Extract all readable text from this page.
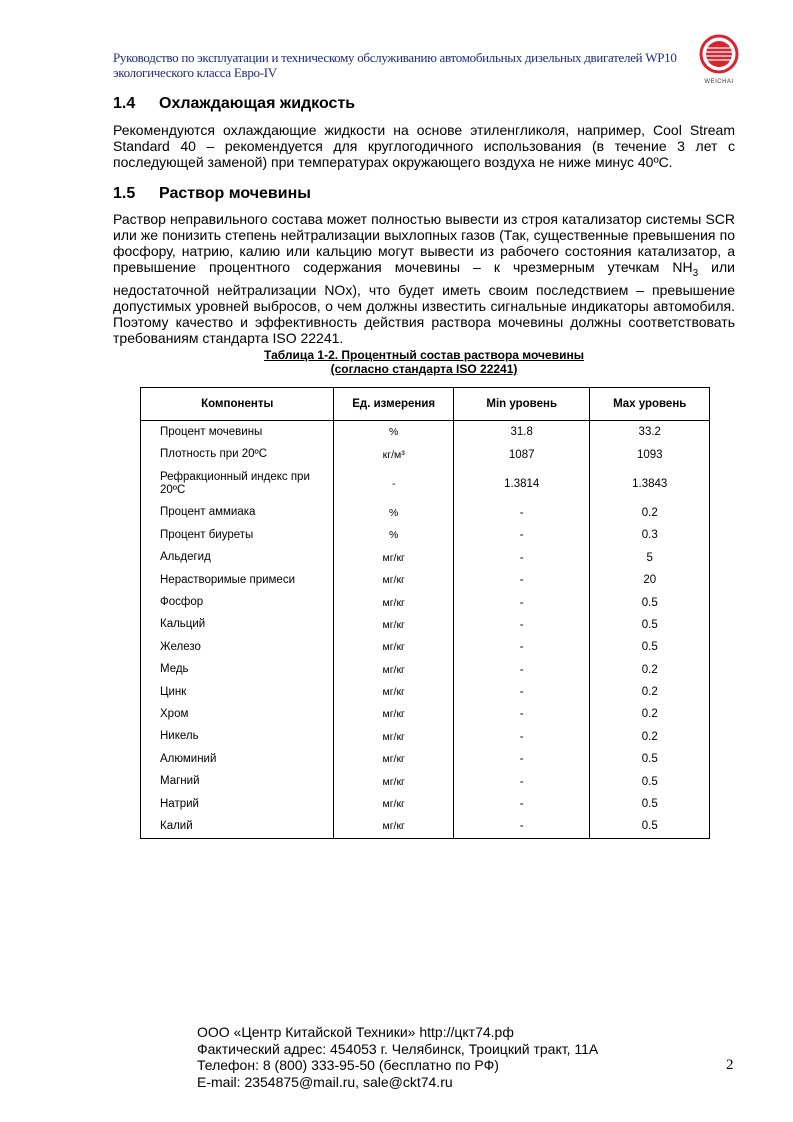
Руководство по эксплуатации и техническому обслуживанию автомобильных дизельных двигателей WP10
экологического класса Евро-IV
WEICHAI
1.4 Охлаждающая жидкость
Рекомендуются охлаждающие жидкости на основе этиленгликоля, например, Cool Stream Standard 40 – рекомендуется для круглогодичного использования (в течение 3 лет с последующей заменой) при температурах окружающего воздуха не ниже минус 40ºС.
1.5 Раствор мочевины
Раствор неправильного состава может полностью вывести из строя катализатор системы SCR или же понизить степень нейтрализации выхлопных газов (Так, существенные превышения по фосфору, натрию, калию или кальцию могут вывести из рабочего состояния катализатор, а превышение процентного содержания мочевины – к чрезмерным утечкам $NH_3$ или недостаточной нейтрализации NOx), что будет иметь своим последствием – превышение допустимых уровней выбросов, о чем должны известить сигнальные индикаторы автомобиля. Поэтому качество и эффективность действия раствора мочевины должны соответствовать требованиям стандарта ISO 22241.
Таблица 1-2. Процентный состав раствора мочевины
(согласно стандарта ISO 22241)
Компоненты	Ед. измерения	Min уровень	Max уровень
Процент мочевины	%	31.8	33.2
Плотность при 20ºС	кг/м³	1087	1093
Рефракционный индекс при 20ºС	-	1.3814	1.3843
Процент аммиака	%	-	0.2
Процент биуреты	%	-	0.3
Альдегид	мг/кг	-	5
Нерастворимые примеси	мг/кг	-	20
Фосфор	мг/кг	-	0.5
Кальций	мг/кг	-	0.5
Железо	мг/кг	-	0.5
Медь	мг/кг	-	0.2
Цинк	мг/кг	-	0.2
Хром	мг/кг	-	0.2
Никель	мг/кг	-	0.2
Алюминий	мг/кг	-	0.5
Магний	мг/кг	-	0.5
Натрий	мг/кг	-	0.5
Калий	мг/кг	-	0.5
ООО «Центр Китайской Техники» http://цкт74.рф
Фактический адрес: 454053 г. Челябинск, Троицкий тракт, 11А
Телефон: 8 (800) 333-95-50 (бесплатно по РФ)
E-mail: 2354875@mail.ru, sale@ckt74.ru
2
